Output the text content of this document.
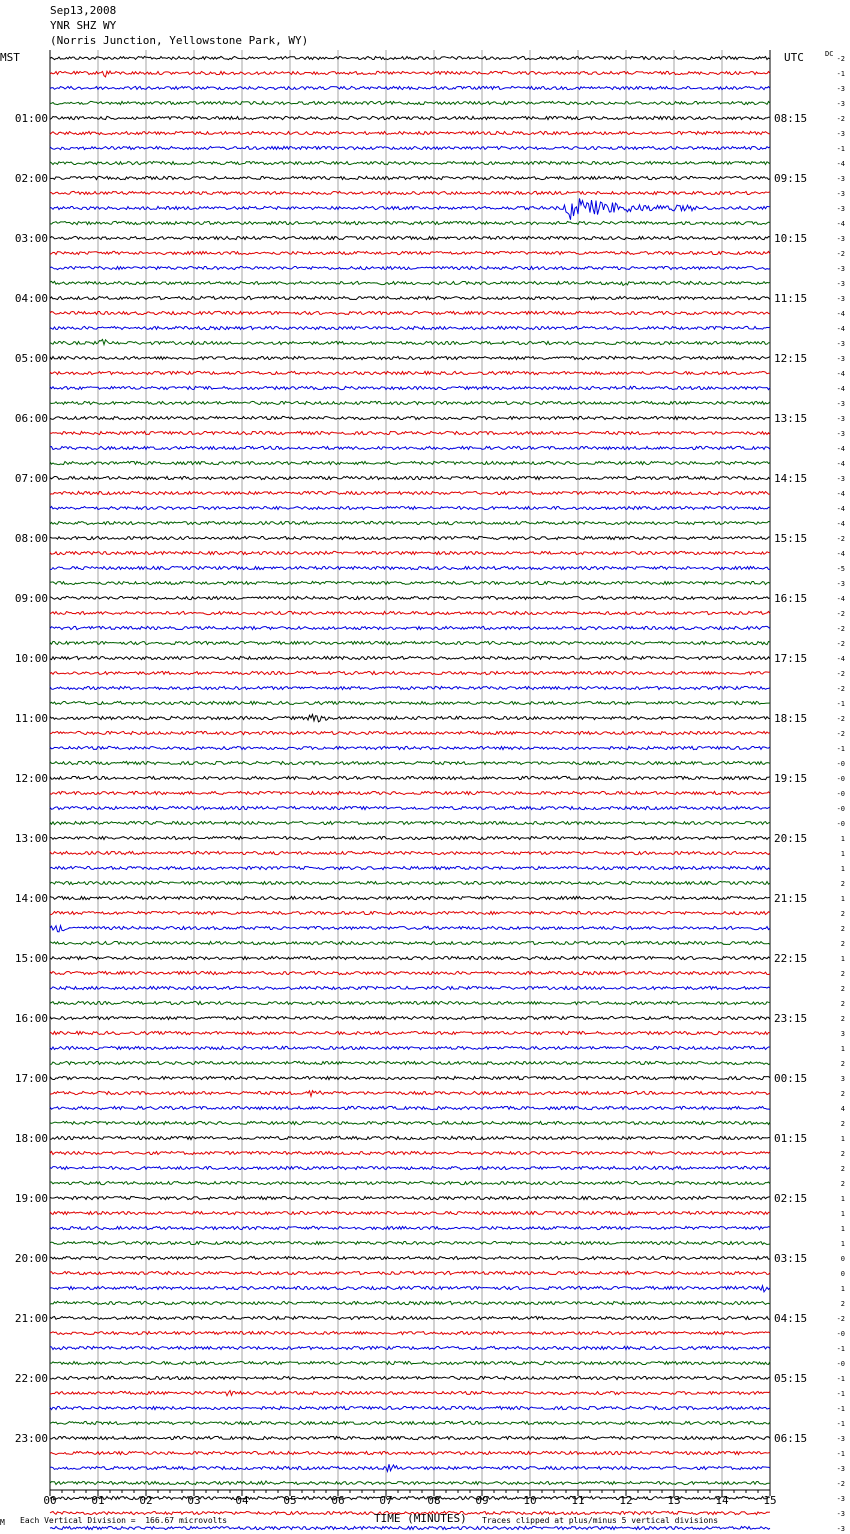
Sep13,2008
YNR SHZ WY
(Norris Junction, Yellowstone Park, WY)
00	01	02	03	04	05	06	07	08	09	10	11	12	13	14	15
MST	UTC	DC
-2
-1
-3
-3
-2
-3
-1
-4
-3
-3
-3
-4
-3
-2
-3
-3
-3
-4
-4
-3
-3
-4
-4
-3
-3
-3
-4
-4
-3
-4
-4
-4
-2
-4
-5
-3
-4
-2
-2
-2
-4
-2
-2
-1
-2
-2
-1
-0
-0
-0
-0
-0
1
1
1
2
1
2
2
2
1
2
2
2
2
3
1
2
3
2
4
2
1
2
2
2
1
1
1
1
0
0
1
2
-2
-0
-1
-0
-1
-1
-1
-1
-3
-1
-3
-2
-3
-3
-3
01:00	08:15
02:00	09:15
03:00	10:15
04:00	11:15
05:00	12:15
06:00	13:15
07:00	14:15
08:00	15:15
09:00	16:15
10:00	17:15
11:00	18:15
12:00	19:15
13:00	20:15
14:00	21:15
15:00	22:15
16:00	23:15
17:00	00:15
18:00	01:15
19:00	02:15
20:00	03:15
21:00	04:15
22:00	05:15
23:00	06:15
M Each Vertical Division =  166.67 microvolts	TIME (MINUTES) Traces clipped at plus/minus 5 vertical divisions
